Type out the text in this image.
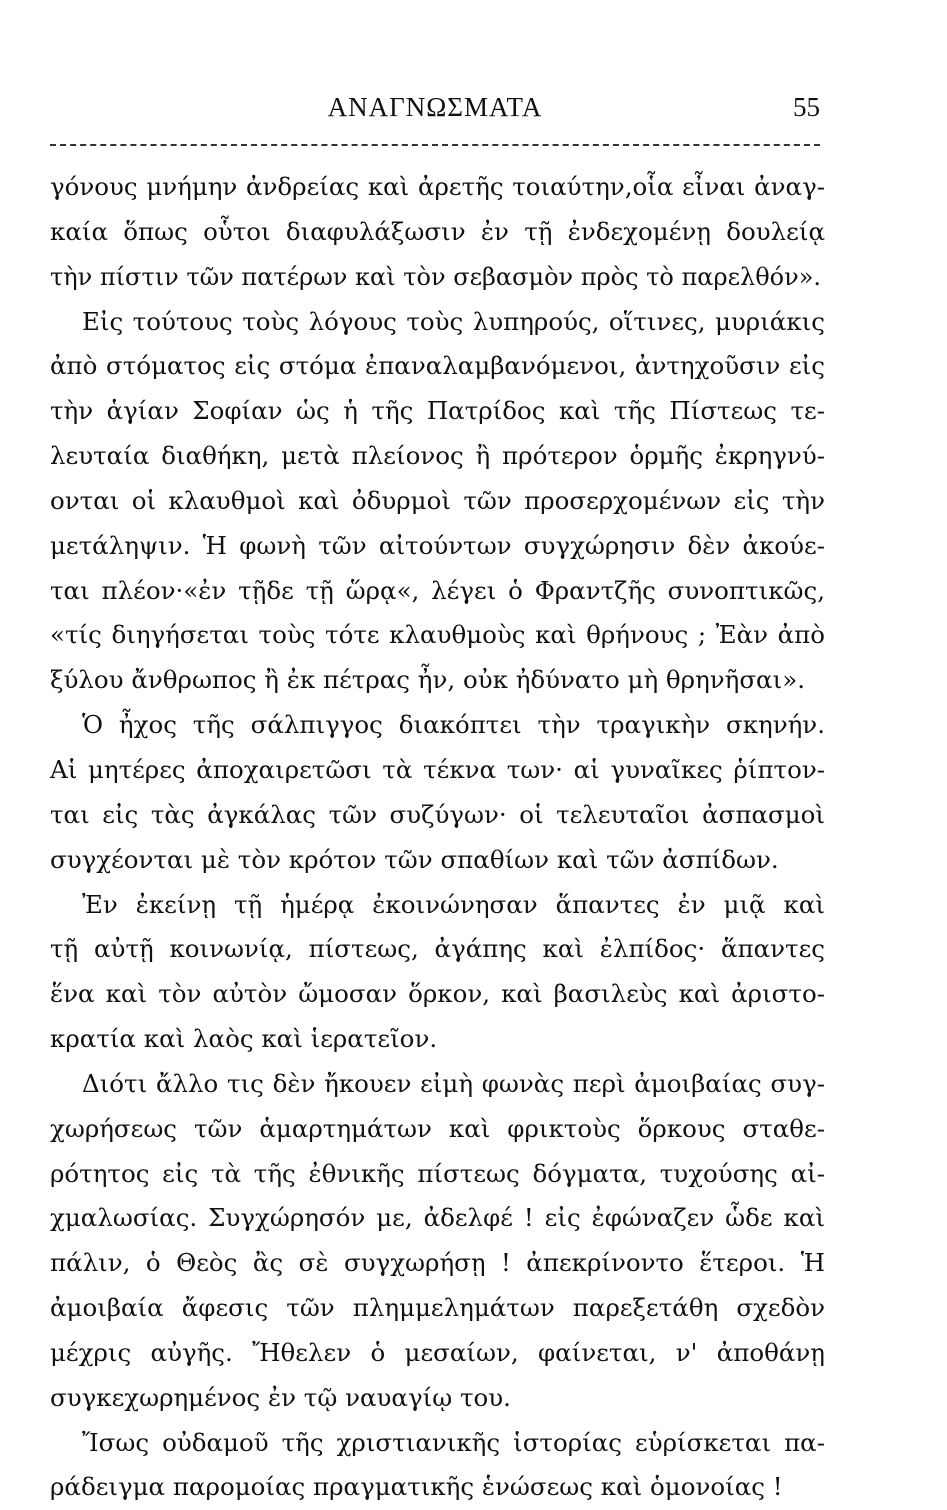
ΑΝΑΓΝΩΣΜΑΤΑ	55
γόνους μνήμην ἀνδρείας καὶ ἀρετῆς τοιαύτην,οἷα εἶναι ἀναγ-
καία ὅπως οὗτοι διαφυλάξωσιν ἐν τῇ ἐνδεχομένῃ δουλείᾳ
τὴν πίστιν τῶν πατέρων καὶ τὸν σεβασμὸν πρὸς τὸ παρελθόν».
Εἰς τούτους τοὺς λόγους τοὺς λυπηρούς, οἵτινες, μυριάκις
ἀπὸ στόματος εἰς στόμα ἐπαναλαμβανόμενοι, ἀντηχοῦσιν εἰς
τὴν ἁγίαν Σοφίαν ὡς ἡ τῆς Πατρίδος καὶ τῆς Πίστεως τε-
λευταία διαθήκη, μετὰ πλείονος ἢ πρότερον ὁρμῆς ἐκρηγνύ-
ονται οἱ κλαυθμοὶ καὶ ὀδυρμοὶ τῶν προσερχομένων εἰς τὴν
μετάληψιν. Ἡ φωνὴ τῶν αἰτούντων συγχώρησιν δὲν ἀκούε-
ται πλέον·«ἐν τῇδε τῇ ὥρᾳ«, λέγει ὁ Φραντζῆς συνοπτικῶς,
«τίς διηγήσεται τοὺς τότε κλαυθμοὺς καὶ θρήνους ; Ἐὰν ἀπὸ
ξύλου ἄνθρωπος ἢ ἐκ πέτρας ἦν, οὐκ ἠδύνατο μὴ θρηνῆσαι».
Ὁ ἦχος τῆς σάλπιγγος διακόπτει τὴν τραγικὴν σκηνήν.
Αἱ μητέρες ἀποχαιρετῶσι τὰ τέκνα των· αἱ γυναῖκες ῥίπτον-
ται εἰς τὰς ἀγκάλας τῶν συζύγων· οἱ τελευταῖοι ἀσπασμοὶ
συγχέονται μὲ τὸν κρότον τῶν σπαθίων καὶ τῶν ἀσπίδων.
Ἐν ἐκείνῃ τῇ ἡμέρᾳ ἐκοινώνησαν ἅπαντες ἐν μιᾷ καὶ
τῇ αὐτῇ κοινωνίᾳ, πίστεως, ἀγάπης καὶ ἐλπίδος· ἅπαντες
ἕνα καὶ τὸν αὐτὸν ὤμοσαν ὅρκον, καὶ βασιλεὺς καὶ ἀριστο-
κρατία καὶ λαὸς καὶ ἱερατεῖον.
Διότι ἄλλο τις δὲν ἤκουεν εἰμὴ φωνὰς περὶ ἀμοιβαίας συγ-
χωρήσεως τῶν ἁμαρτημάτων καὶ φρικτοὺς ὅρκους σταθε-
ρότητος εἰς τὰ τῆς ἐθνικῆς πίστεως δόγματα, τυχούσης αἰ-
χμαλωσίας. Συγχώρησόν με, ἀδελφέ ! εἰς ἐφώναζεν ὧδε καὶ
πάλιν, ὁ Θεὸς ἂς σὲ συγχωρήσῃ ! ἀπεκρίνοντο ἕτεροι. Ἡ
ἀμοιβαία ἄφεσις τῶν πλημμελημάτων παρεξετάθη σχεδὸν
μέχρις αὐγῆς. Ἤθελεν ὁ μεσαίων, φαίνεται, ν' ἀποθάνῃ
συγκεχωρημένος ἐν τῷ ναυαγίῳ του.
Ἴσως οὐδαμοῦ τῆς χριστιανικῆς ἱστορίας εὑρίσκεται πα-
ράδειγμα παρομοίας πραγματικῆς ἑνώσεως καὶ ὁμονοίας !
